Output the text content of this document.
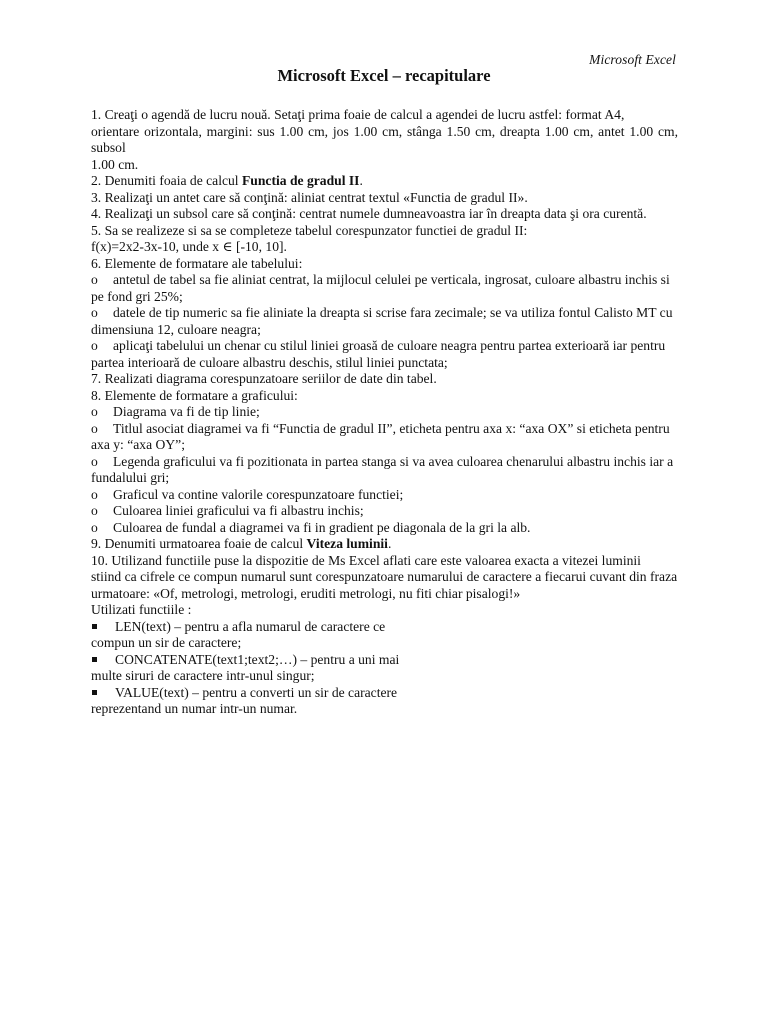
Microsoft Excel
Microsoft Excel – recapitulare

1. Creaţi o agendă de lucru nouă. Setaţi prima foaie de calcul a agendei de lucru astfel: format A4,
orientare orizontala, margini: sus 1.00 cm, jos 1.00 cm, stânga 1.50 cm, dreapta 1.00 cm, antet 1.00 cm, subsol
1.00 cm.

2. Denumiti foaia de calcul Functia de gradul II.

3. Realizaţi un antet care să conţină: aliniat centrat textul «Functia de gradul II».

4. Realizaţi un subsol care să conţină: centrat numele dumneavoastra iar în dreapta data şi ora curentă.

5. Sa se realizeze si sa se completeze tabelul corespunzator functiei de gradul II:
f(x)=2x2-3x-10, unde x ∈ [-10, 10].

6. Elemente de formatare ale tabelului:

o antetul de tabel sa fie aliniat centrat, la mijlocul celulei pe verticala, ingrosat, culoare albastru inchis si
pe fond gri 25%;

o datele de tip numeric sa fie aliniate la dreapta si scrise fara zecimale; se va utiliza fontul Calisto MT cu
dimensiuna 12, culoare neagra;

o aplicaţi tabelului un chenar cu stilul liniei groasă de culoare neagra pentru partea exterioară iar pentru
partea interioară de culoare albastru deschis, stilul liniei punctata;

7. Realizati diagrama corespunzatoare seriilor de date din tabel.

8. Elemente de formatare a graficului:

o Diagrama va fi de tip linie;

o Titlul asociat diagramei va fi “Functia de gradul II”, eticheta pentru axa x: “axa OX” si eticheta pentru
axa y: “axa OY”;

o Legenda graficului va fi pozitionata in partea stanga si va avea culoarea chenarului albastru inchis iar a
fundalului gri;

o Graficul va contine valorile corespunzatoare functiei;

o Culoarea liniei graficului va fi albastru inchis;

o Culoarea de fundal a diagramei va fi in gradient pe diagonala de la gri la alb.

9. Denumiti urmatoarea foaie de calcul Viteza luminii.

10. Utilizand functiile puse la dispozitie de Ms Excel aflati care este valoarea exacta a vitezei luminii
stiind ca cifrele ce compun numarul sunt corespunzatoare numarului de caractere a fiecarui cuvant din fraza
urmatoare: «Of, metrologi, metrologi, eruditi metrologi, nu fiti chiar pisalogi!»

Utilizati functiile :

LEN(text) – pentru a afla numarul de caractere ce
compun un sir de caractere;

CONCATENATE(text1;text2;…) – pentru a uni mai
multe siruri de caractere intr-unul singur;

VALUE(text) – pentru a converti un sir de caractere
reprezentand un numar intr-un numar.
